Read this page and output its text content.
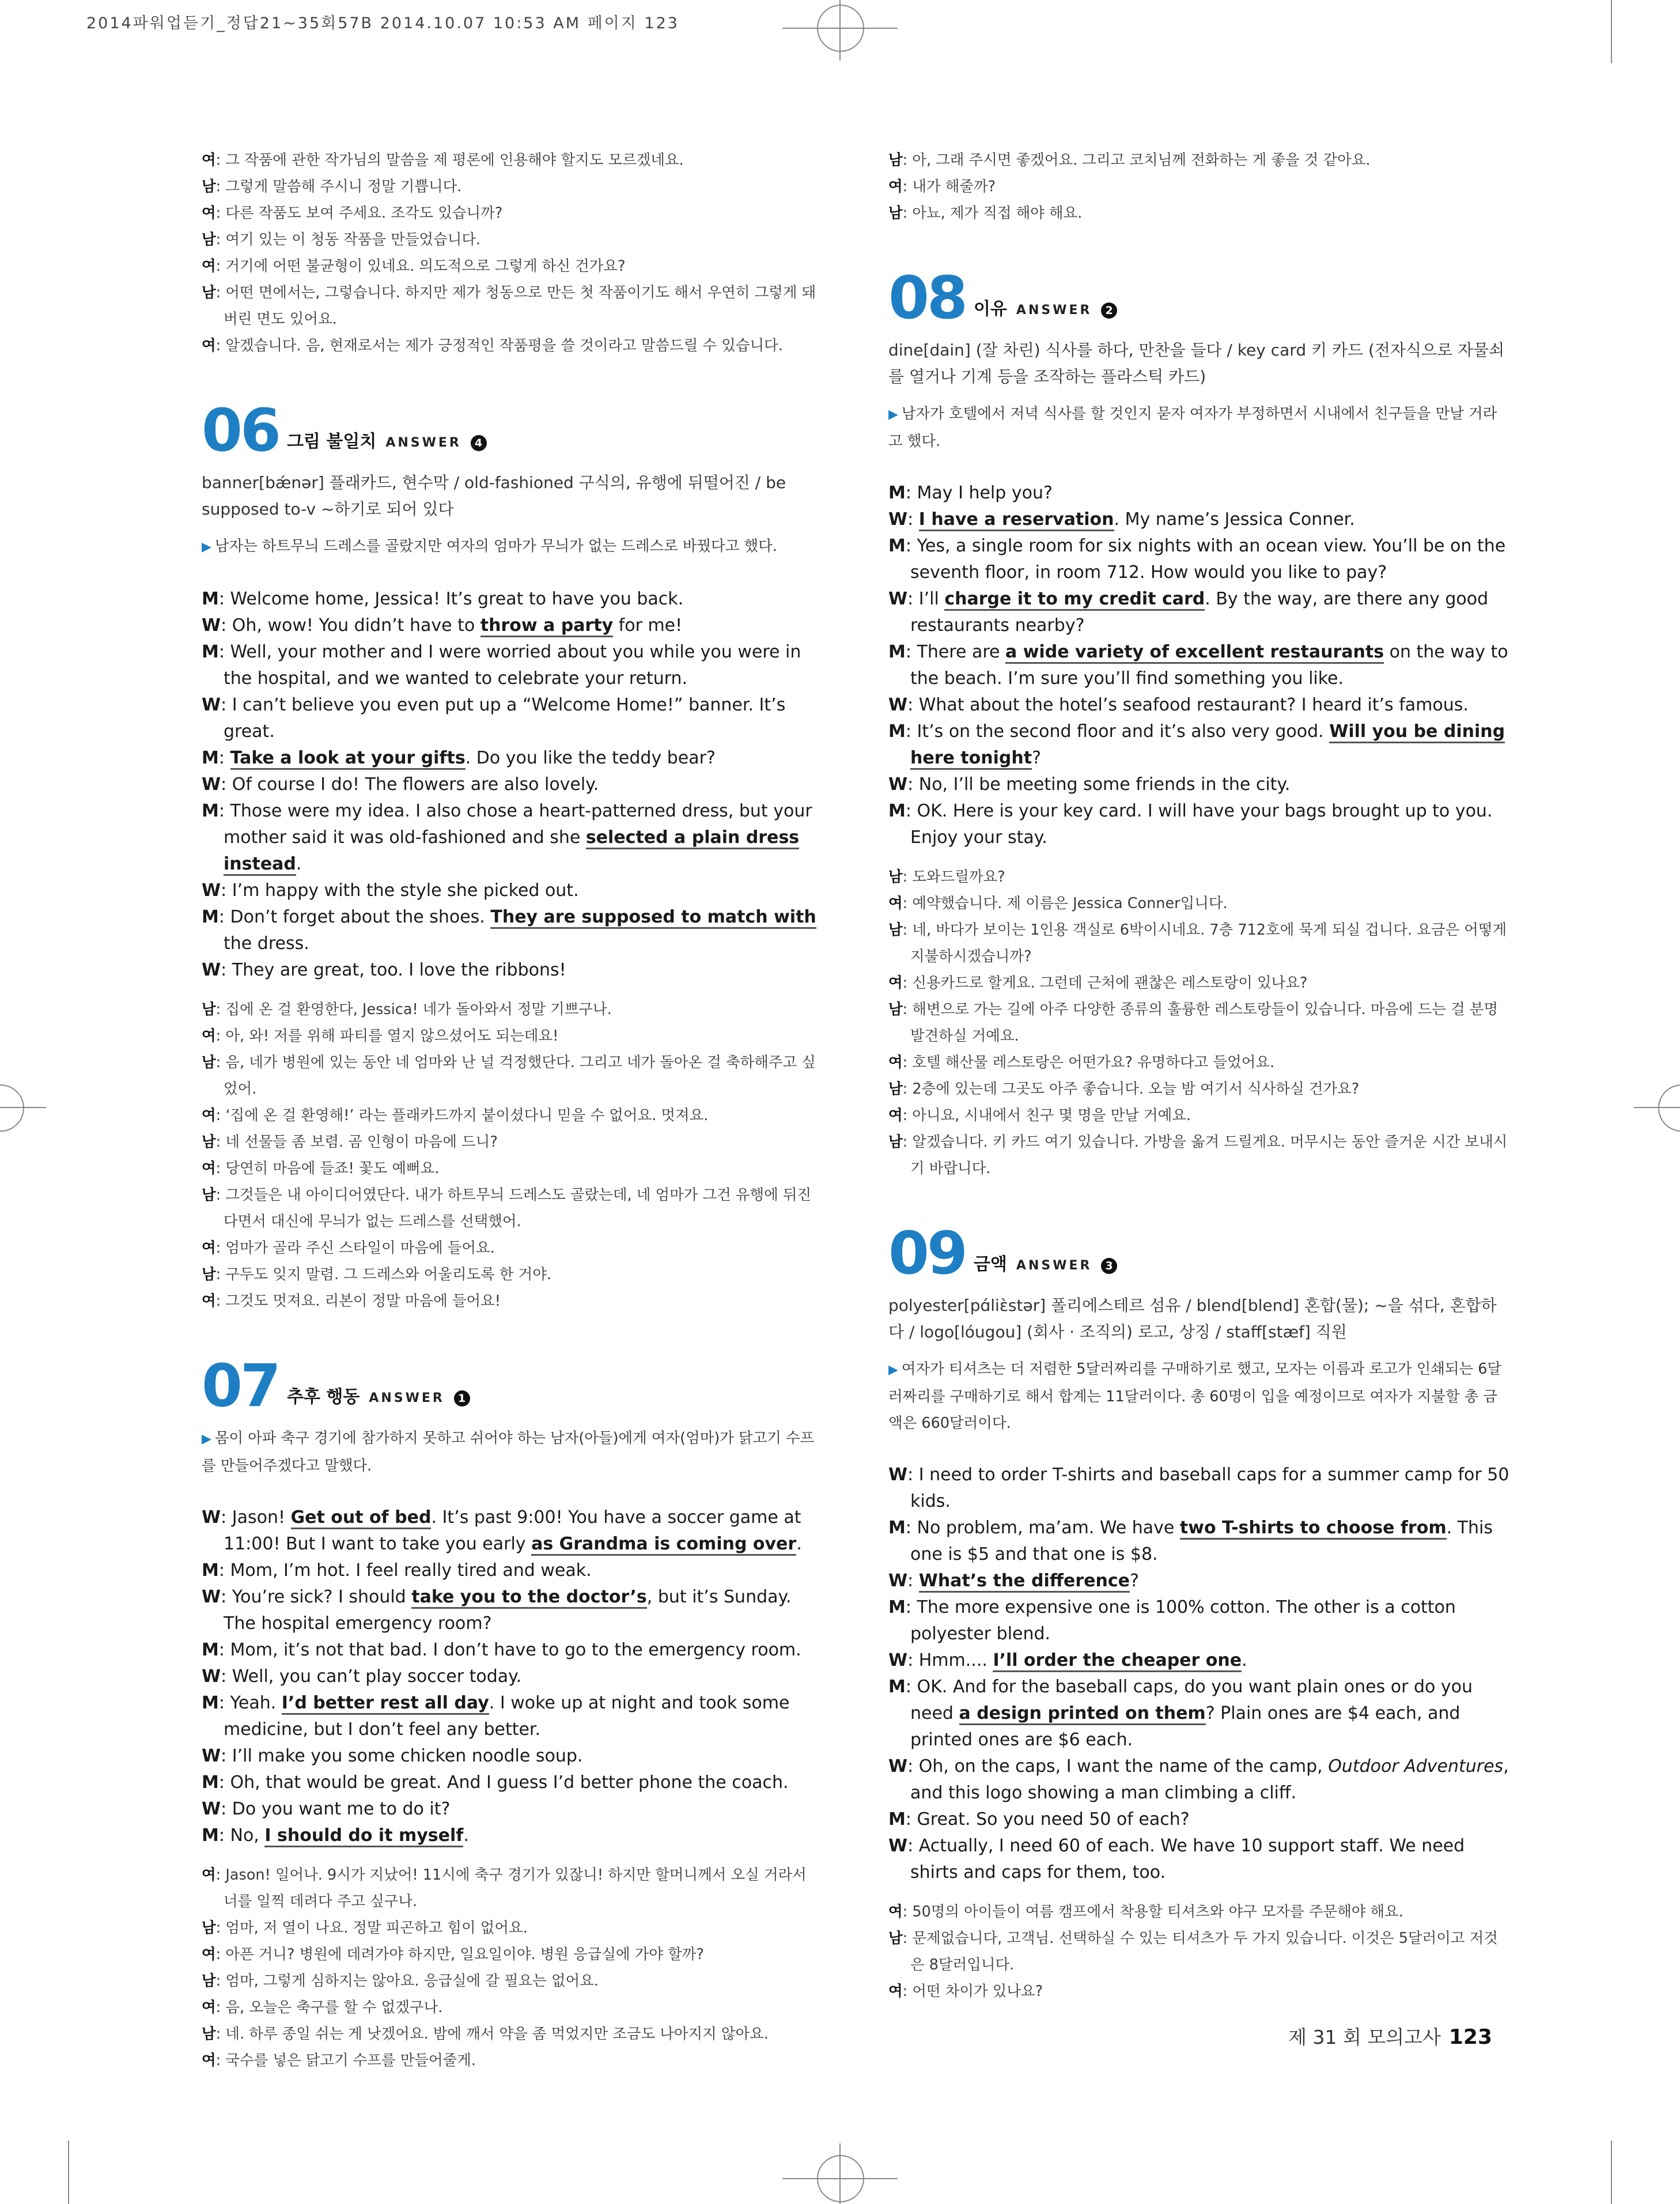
2014파워업듣기_정답21~35회57B 2014.10.07 10:53 AM 페이지 123

여: 그 작품에 관한 작가님의 말씀을 제 평론에 인용해야 할지도 모르겠네요.

남: 그렇게 말씀해 주시니 정말 기쁩니다.

여: 다른 작품도 보여 주세요. 조각도 있습니까?

남: 여기 있는 이 청동 작품을 만들었습니다.

여: 거기에 어떤 불균형이 있네요. 의도적으로 그렇게 하신 건가요?

남: 어떤 면에서는, 그렇습니다. 하지만 제가 청동으로 만든 첫 작품이기도 해서 우연히 그렇게 돼 버린 면도 있어요.

여: 알겠습니다. 음, 현재로서는 제가 긍정적인 작품평을 쓸 것이라고 말씀드릴 수 있습니다.

06 그림 불일치 ANSWER 4

banner[bǽnər] 플래카드, 현수막 / old-fashioned 구식의, 유행에 뒤떨어진 / be supposed to-v ~하기로 되어 있다

▶ 남자는 하트무늬 드레스를 골랐지만 여자의 엄마가 무늬가 없는 드레스로 바꿨다고 했다.

M: Welcome home, Jessica! It’s great to have you back.

W: Oh, wow! You didn’t have to throw a party for me!

M: Well, your mother and I were worried about you while you were in the hospital, and we wanted to celebrate your return.

W: I can’t believe you even put up a “Welcome Home!” banner. It’s great.

M: Take a look at your gifts. Do you like the teddy bear?

W: Of course I do! The flowers are also lovely.

M: Those were my idea. I also chose a heart-patterned dress, but your mother said it was old-fashioned and she selected a plain dress instead.

W: I’m happy with the style she picked out.

M: Don’t forget about the shoes. They are supposed to match with the dress.

W: They are great, too. I love the ribbons!

남: 집에 온 걸 환영한다, Jessica! 네가 돌아와서 정말 기쁘구나.

여: 아, 와! 저를 위해 파티를 열지 않으셨어도 되는데요!

남: 음, 네가 병원에 있는 동안 네 엄마와 난 널 걱정했단다. 그리고 네가 돌아온 걸 축하해주고 싶었어.

여: ‘집에 온 걸 환영해!’ 라는 플래카드까지 붙이셨다니 믿을 수 없어요. 멋져요.

남: 네 선물들 좀 보렴. 곰 인형이 마음에 드니?

여: 당연히 마음에 들죠! 꽃도 예뻐요.

남: 그것들은 내 아이디어였단다. 내가 하트무늬 드레스도 골랐는데, 네 엄마가 그건 유행에 뒤진다면서 대신에 무늬가 없는 드레스를 선택했어.

여: 엄마가 골라 주신 스타일이 마음에 들어요.

남: 구두도 잊지 말렴. 그 드레스와 어울리도록 한 거야.

여: 그것도 멋져요. 리본이 정말 마음에 들어요!

07 추후 행동 ANSWER 1

▶ 몸이 아파 축구 경기에 참가하지 못하고 쉬어야 하는 남자(아들)에게 여자(엄마)가 닭고기 수프를 만들어주겠다고 말했다.

W: Jason! Get out of bed. It’s past 9:00! You have a soccer game at 11:00! But I want to take you early as Grandma is coming over.

M: Mom, I’m hot. I feel really tired and weak.

W: You’re sick? I should take you to the doctor’s, but it’s Sunday. The hospital emergency room?

M: Mom, it’s not that bad. I don’t have to go to the emergency room.

W: Well, you can’t play soccer today.

M: Yeah. I’d better rest all day. I woke up at night and took some medicine, but I don’t feel any better.

W: I’ll make you some chicken noodle soup.

M: Oh, that would be great. And I guess I’d better phone the coach.

W: Do you want me to do it?

M: No, I should do it myself.

여: Jason! 일어나. 9시가 지났어! 11시에 축구 경기가 있잖니! 하지만 할머니께서 오실 거라서 너를 일찍 데려다 주고 싶구나.

남: 엄마, 저 열이 나요. 정말 피곤하고 힘이 없어요.

여: 아픈 거니? 병원에 데려가야 하지만, 일요일이야. 병원 응급실에 가야 할까?

남: 엄마, 그렇게 심하지는 않아요. 응급실에 갈 필요는 없어요.

여: 음, 오늘은 축구를 할 수 없겠구나.

남: 네. 하루 종일 쉬는 게 낫겠어요. 밤에 깨서 약을 좀 먹었지만 조금도 나아지지 않아요.

여: 국수를 넣은 닭고기 수프를 만들어줄게.

남: 아, 그래 주시면 좋겠어요. 그리고 코치님께 전화하는 게 좋을 것 같아요.

여: 내가 해줄까?

남: 아뇨, 제가 직접 해야 해요.

08 이유 ANSWER 2

dine[dain] (잘 차린) 식사를 하다, 만찬을 들다 / key card 키 카드 (전자식으로 자물쇠를 열거나 기계 등을 조작하는 플라스틱 카드)

▶ 남자가 호텔에서 저녁 식사를 할 것인지 묻자 여자가 부정하면서 시내에서 친구들을 만날 거라고 했다.

M: May I help you?

W: I have a reservation. My name’s Jessica Conner.

M: Yes, a single room for six nights with an ocean view. You’ll be on the seventh floor, in room 712. How would you like to pay?

W: I’ll charge it to my credit card. By the way, are there any good restaurants nearby?

M: There are a wide variety of excellent restaurants on the way to the beach. I’m sure you’ll find something you like.

W: What about the hotel’s seafood restaurant? I heard it’s famous.

M: It’s on the second floor and it’s also very good. Will you be dining here tonight?

W: No, I’ll be meeting some friends in the city.

M: OK. Here is your key card. I will have your bags brought up to you. Enjoy your stay.

남: 도와드릴까요?

여: 예약했습니다. 제 이름은 Jessica Conner입니다.

남: 네, 바다가 보이는 1인용 객실로 6박이시네요. 7층 712호에 묵게 되실 겁니다. 요금은 어떻게 지불하시겠습니까?

여: 신용카드로 할게요. 그런데 근처에 괜찮은 레스토랑이 있나요?

남: 해변으로 가는 길에 아주 다양한 종류의 훌륭한 레스토랑들이 있습니다. 마음에 드는 걸 분명 발견하실 거예요.

여: 호텔 해산물 레스토랑은 어떤가요? 유명하다고 들었어요.

남: 2층에 있는데 그곳도 아주 좋습니다. 오늘 밤 여기서 식사하실 건가요?

여: 아니요, 시내에서 친구 몇 명을 만날 거예요.

남: 알겠습니다. 키 카드 여기 있습니다. 가방을 옮겨 드릴게요. 머무시는 동안 즐거운 시간 보내시기 바랍니다.

09 금액 ANSWER 3

polyester[pɑ́liὲstər] 폴리에스테르 섬유 / blend[blend] 혼합(물); ~을 섞다, 혼합하다 / logo[lóugou] (회사 · 조직의) 로고, 상징 / staff[stæf] 직원

▶ 여자가 티셔츠는 더 저렴한 5달러짜리를 구매하기로 했고, 모자는 이름과 로고가 인쇄되는 6달러짜리를 구매하기로 해서 합계는 11달러이다. 총 60명이 입을 예정이므로 여자가 지불할 총 금액은 660달러이다.

W: I need to order T-shirts and baseball caps for a summer camp for 50 kids.

M: No problem, ma’am. We have two T-shirts to choose from. This one is $5 and that one is $8.

W: What’s the difference?

M: The more expensive one is 100% cotton. The other is a cotton polyester blend.

W: Hmm.... I’ll order the cheaper one.

M: OK. And for the baseball caps, do you want plain ones or do you need a design printed on them? Plain ones are $4 each, and printed ones are $6 each.

W: Oh, on the caps, I want the name of the camp, Outdoor Adventures, and this logo showing a man climbing a cliff.

M: Great. So you need 50 of each?

W: Actually, I need 60 of each. We have 10 support staff. We need shirts and caps for them, too.

여: 50명의 아이들이 여름 캠프에서 착용할 티셔츠와 야구 모자를 주문해야 해요.

남: 문제없습니다, 고객님. 선택하실 수 있는 티셔츠가 두 가지 있습니다. 이것은 5달러이고 저것은 8달러입니다.

여: 어떤 차이가 있나요?

제 31 회 모의고사 123
